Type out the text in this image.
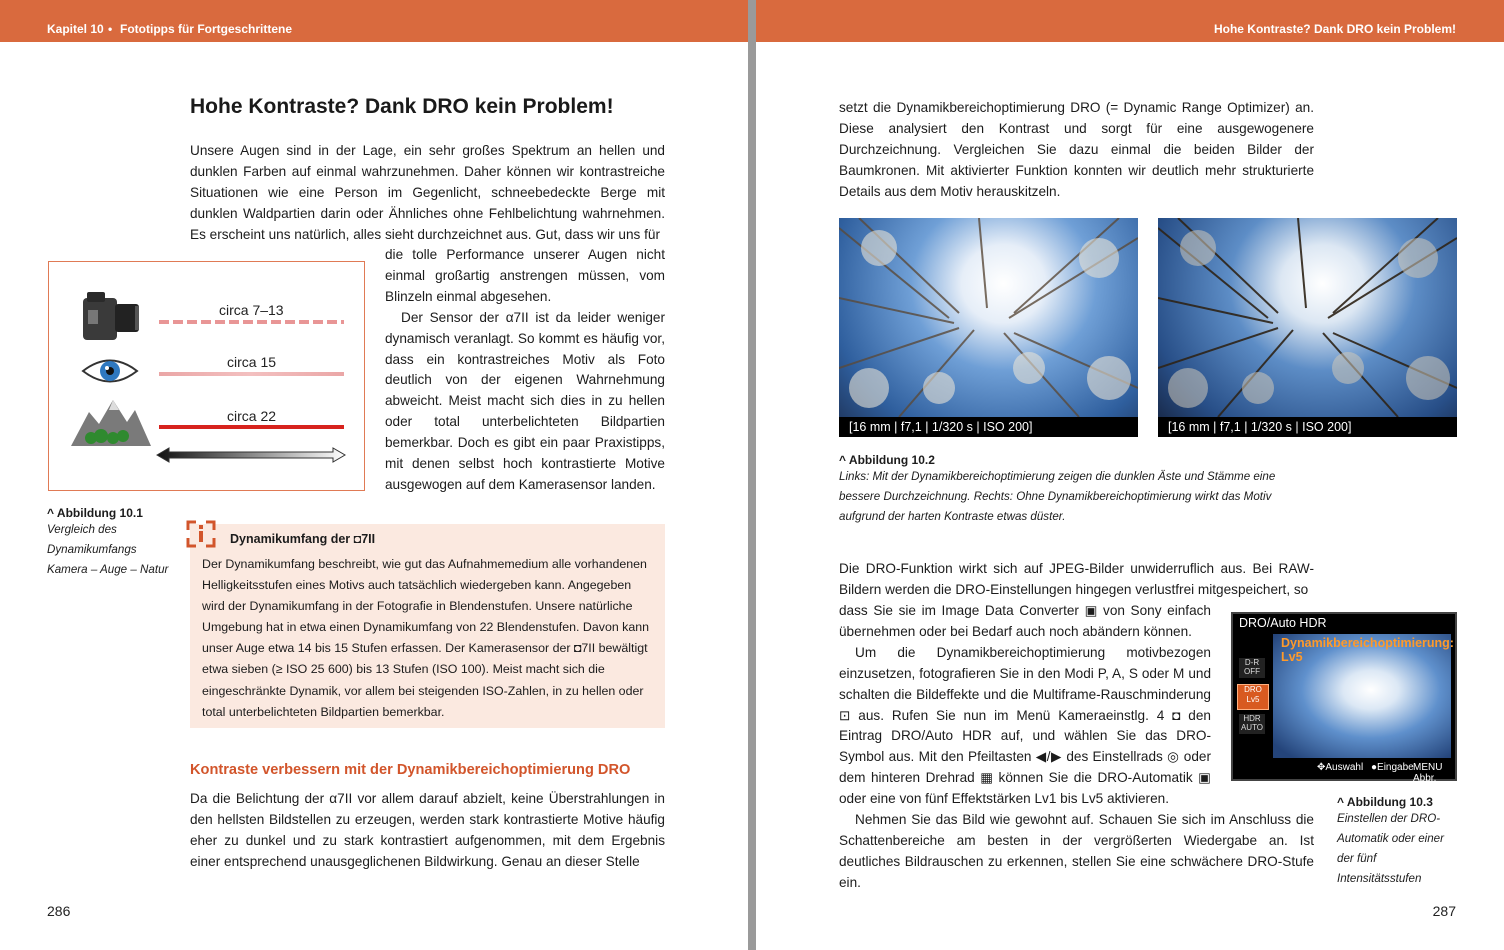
Kapitel 10 • Fototipps für Fortgeschrittene
Hohe Kontraste? Dank DRO kein Problem!

Unsere Augen sind in der Lage, ein sehr großes Spektrum an hellen und dunklen Farben auf einmal wahrzunehmen. Daher können wir kontrastreiche Situationen wie eine Person im Gegenlicht, schneebedeckte Berge mit dunklen Waldpartien darin oder Ähnliches ohne Fehlbelichtung wahrnehmen. Es erscheint uns natürlich, alles sieht durchzeichnet aus. Gut, dass wir uns für

die tolle Performance unserer Augen nicht einmal großartig anstrengen müssen, vom Blinzeln einmal abgesehen.

Der Sensor der α7II ist da leider weniger dynamisch veranlagt. So kommt es häufig vor, dass ein kontrastreiches Motiv als Foto deutlich von der eigenen Wahrnehmung abweicht. Meist macht sich dies in zu hellen oder total unterbelichteten Bildpartien bemerkbar. Doch es gibt ein paar Praxistipps, mit denen selbst hoch kontrastierte Motive ausgewogen auf dem Kamerasensor landen.

circa 7–13
circa 15
circa 22
^ Abbildung 10.1
Vergleich des Dynamikumfangs Kamera – Auge – Natur
Dynamikumfang der ◘7II
Der Dynamikumfang beschreibt, wie gut das Aufnahmemedium alle vorhandenen Helligkeitsstufen eines Motivs auch tatsächlich wiedergeben kann. Angegeben wird der Dynamikumfang in der Fotografie in Blendenstufen. Unsere natürliche Umgebung hat in etwa einen Dynamikumfang von 22 Blendenstufen. Davon kann unser Auge etwa 14 bis 15 Stufen erfassen. Der Kamerasensor der ◘7II bewältigt etwa sieben (≥ ISO 25 600) bis 13 Stufen (ISO 100). Meist macht sich die eingeschränkte Dynamik, vor allem bei steigenden ISO-Zahlen, in zu hellen oder total unterbelichteten Bildpartien bemerkbar.
Kontraste verbessern mit der Dynamikbereichoptimierung DRO

Da die Belichtung der α7II vor allem darauf abzielt, keine Überstrahlungen in den hellsten Bildstellen zu erzeugen, werden stark kontrastierte Motive häufig eher zu dunkel und zu stark kontrastiert aufgenommen, mit dem Ergebnis einer entsprechend unausgeglichenen Bildwirkung. Genau an dieser Stelle

286
Hohe Kontraste? Dank DRO kein Problem!

setzt die Dynamikbereichoptimierung DRO (= Dynamic Range Optimizer) an. Diese analysiert den Kontrast und sorgt für eine ausgewogenere Durchzeichnung. Vergleichen Sie dazu einmal die beiden Bilder der Baumkronen. Mit aktivierter Funktion konnten wir deutlich mehr strukturierte Details aus dem Motiv herauskitzeln.

[16 mm | f7,1 | 1/320 s | ISO 200]	[16 mm | f7,1 | 1/320 s | ISO 200]
^ Abbildung 10.2
Links: Mit der Dynamikbereichoptimierung zeigen die dunklen Äste und Stämme eine bessere Durchzeichnung. Rechts: Ohne Dynamikbereichoptimierung wirkt das Motiv aufgrund der harten Kontraste etwas düster.

Die DRO-Funktion wirkt sich auf JPEG-Bilder unwiderruflich aus. Bei RAW-Bildern werden die DRO-Einstellungen hingegen verlustfrei mitgespeichert, so

dass Sie sie im Image Data Converter ▣ von Sony einfach übernehmen oder bei Bedarf auch noch abändern können.

Um die Dynamikbereichoptimierung motivbezogen einzusetzen, fotografieren Sie in den Modi P, A, S oder M und schalten die Bildeffekte und die Multiframe-Rauschminderung ⊡ aus. Rufen Sie nun im Menü Kameraeinstlg. 4 ◘ den Eintrag DRO/Auto HDR auf, und wählen Sie das DRO-Symbol aus. Mit den Pfeiltasten ◀/▶ des Einstellrads ◎ oder dem hinteren Drehrad ▦ können Sie die DRO-Automatik ▣ oder eine von fünf Effektstärken Lv1 bis Lv5 aktivieren.

Nehmen Sie das Bild wie gewohnt auf. Schauen Sie sich im Anschluss die Schattenbereiche am besten in der vergrößerten Wiedergabe an. Ist deutliches Bildrauschen zu erkennen, stellen Sie eine schwächere DRO-Stufe ein.

DRO/Auto HDR
Dynamikbereichoptimierung: Lv5
D-R OFF
DRO Lv5
HDR AUTO
✥Auswahl ●Eingabe MENU Abbr.
^ Abbildung 10.3
Einstellen der DRO-Automatik oder einer der fünf Intensitätsstufen
287
